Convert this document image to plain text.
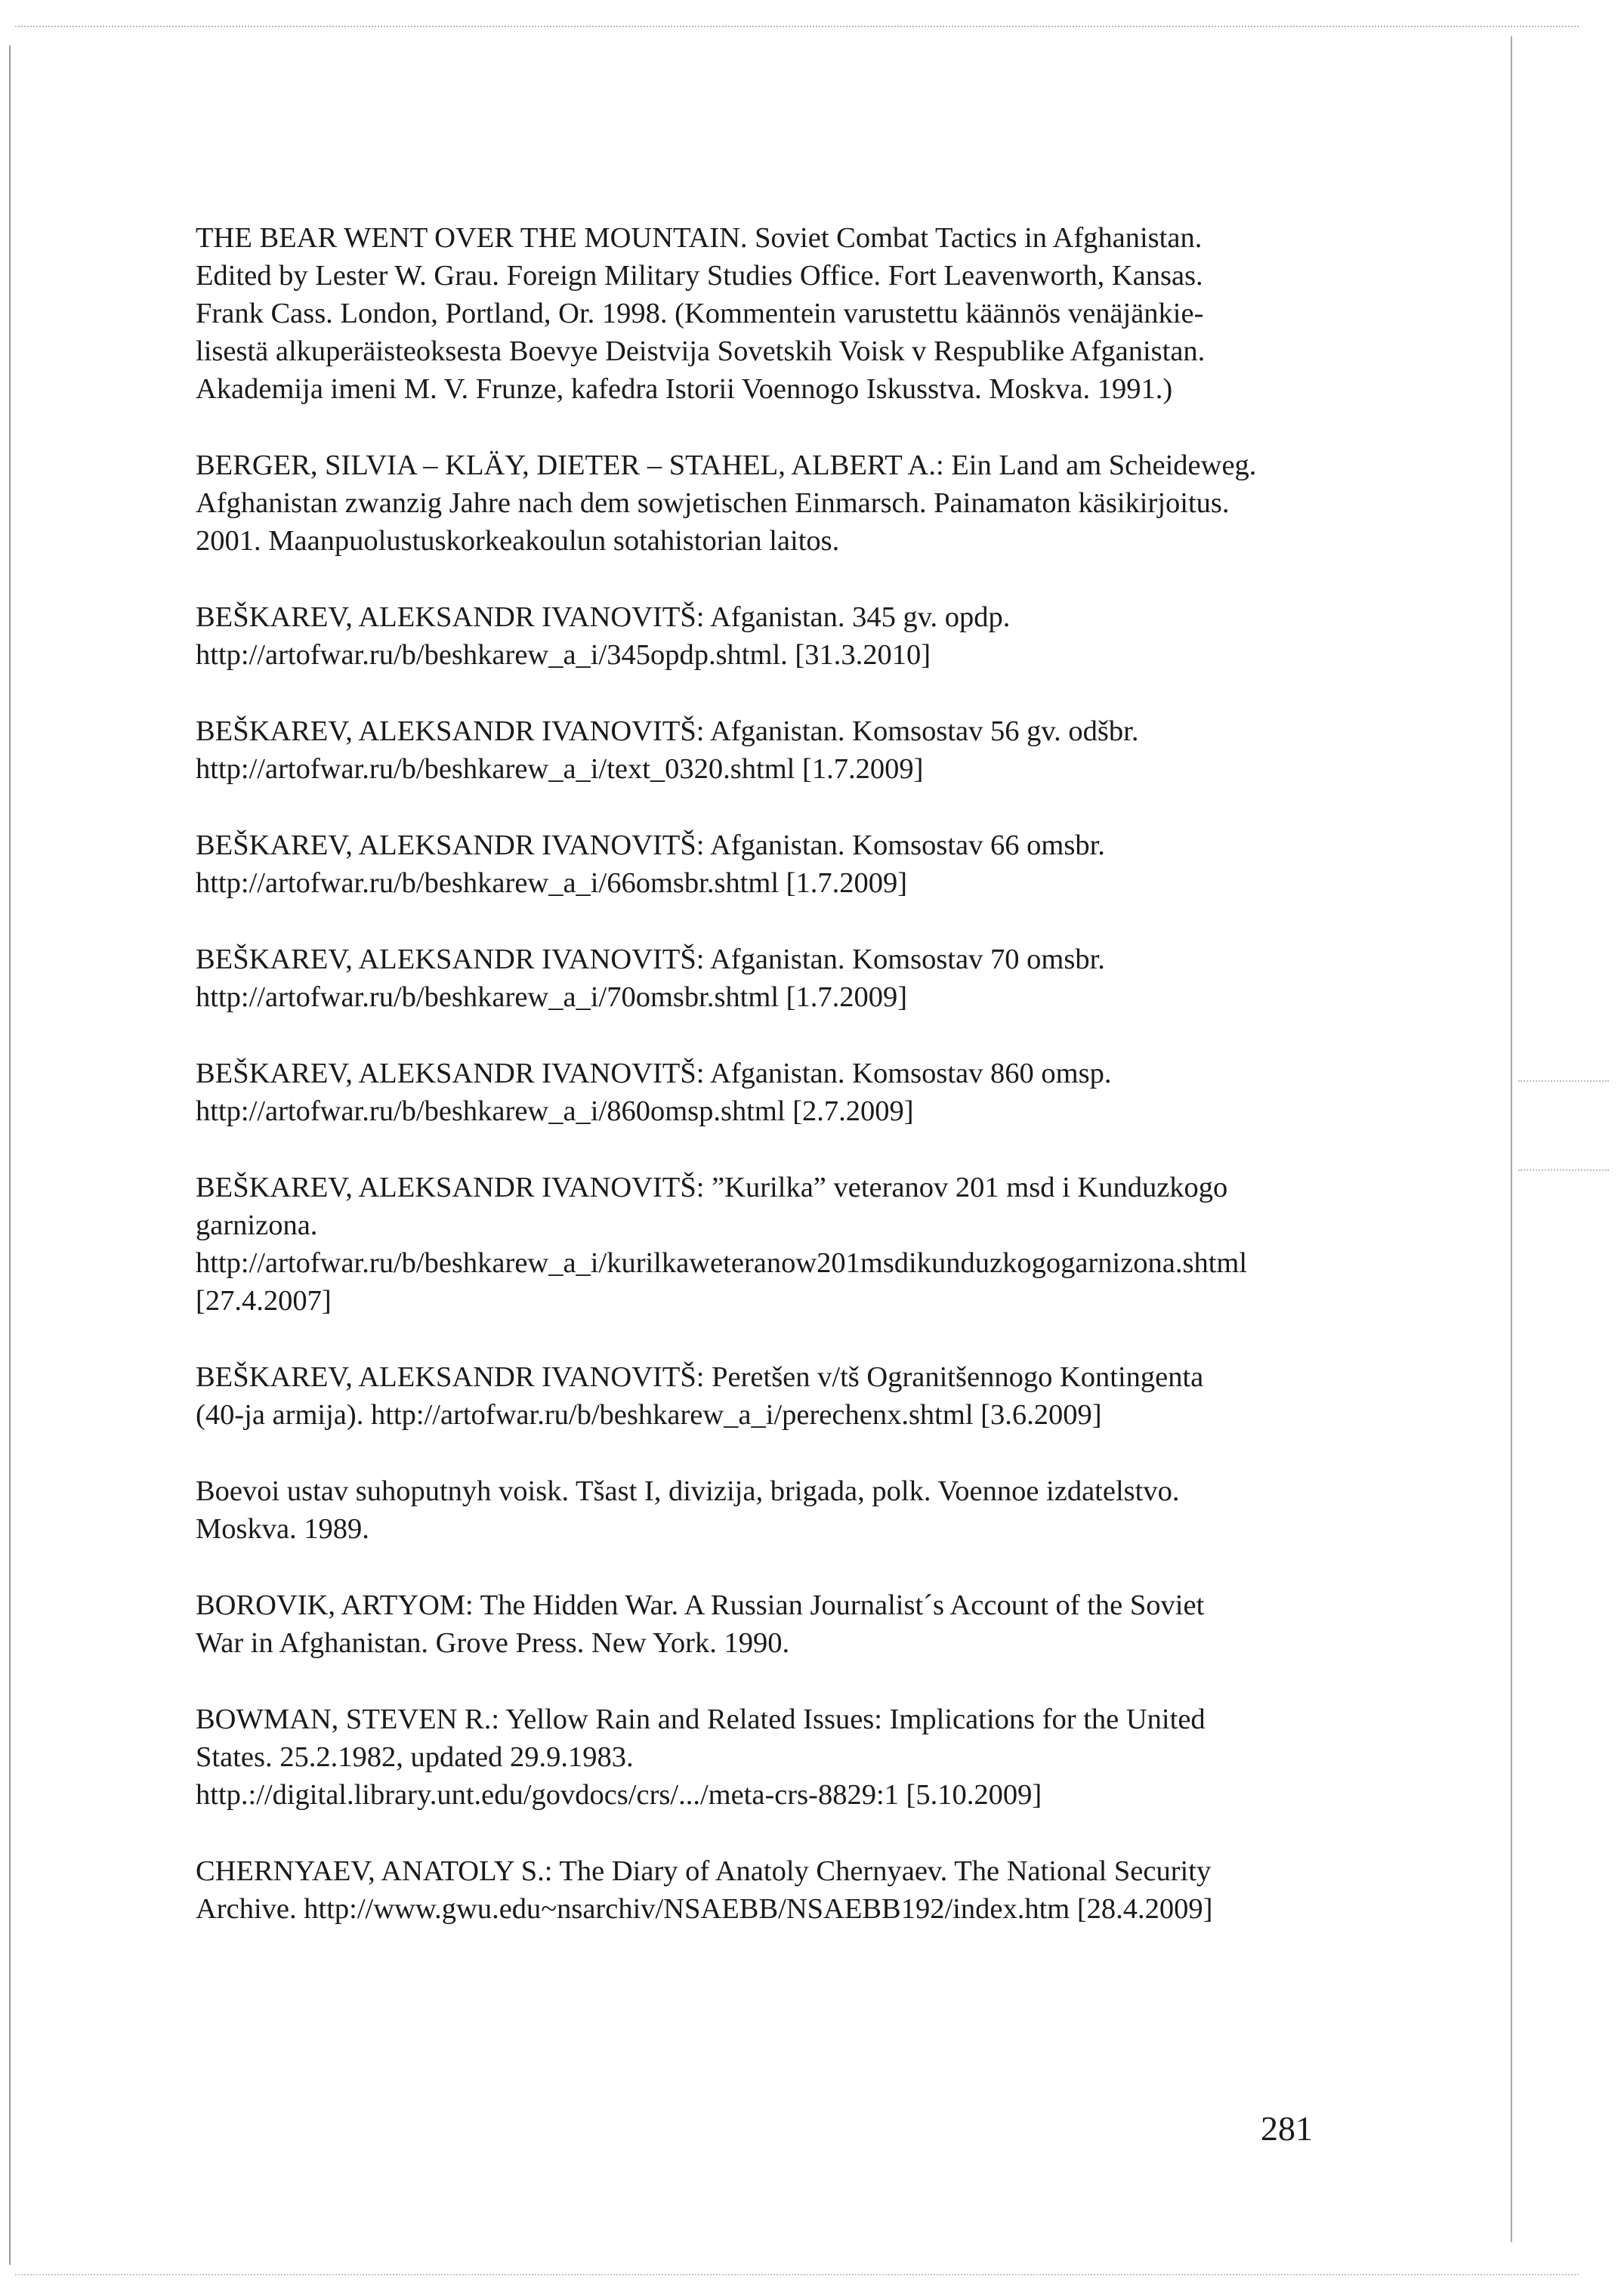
THE BEAR WENT OVER THE MOUNTAIN. Soviet Combat Tactics in Afghanistan.
Edited by Lester W. Grau. Foreign Military Studies Office. Fort Leavenworth, Kansas.
Frank Cass. London, Portland, Or. 1998. (Kommentein varustettu käännös venäjänkie-
lisestä alkuperäisteoksesta Boevye Deistvija Sovetskih Voisk v Respublike Afganistan.
Akademija imeni M. V. Frunze, kafedra Istorii Voennogo Iskusstva. Moskva. 1991.)
BERGER, SILVIA – KLÄY, DIETER – STAHEL, ALBERT A.: Ein Land am Scheideweg.
Afghanistan zwanzig Jahre nach dem sowjetischen Einmarsch. Painamaton käsikirjoitus.
2001. Maanpuolustuskorkeakoulun sotahistorian laitos.
BEŠKAREV, ALEKSANDR IVANOVITŠ: Afganistan. 345 gv. opdp.
http://artofwar.ru/b/beshkarew_a_i/345opdp.shtml. [31.3.2010]
BEŠKAREV, ALEKSANDR IVANOVITŠ: Afganistan. Komsostav 56 gv. odšbr.
http://artofwar.ru/b/beshkarew_a_i/text_0320.shtml [1.7.2009]
BEŠKAREV, ALEKSANDR IVANOVITŠ: Afganistan. Komsostav 66 omsbr.
http://artofwar.ru/b/beshkarew_a_i/66omsbr.shtml [1.7.2009]
BEŠKAREV, ALEKSANDR IVANOVITŠ: Afganistan. Komsostav 70 omsbr.
http://artofwar.ru/b/beshkarew_a_i/70omsbr.shtml [1.7.2009]
BEŠKAREV, ALEKSANDR IVANOVITŠ: Afganistan. Komsostav 860 omsp.
http://artofwar.ru/b/beshkarew_a_i/860omsp.shtml [2.7.2009]
BEŠKAREV, ALEKSANDR IVANOVITŠ: ”Kurilka” veteranov 201 msd i Kunduzkogo
garnizona.
http://artofwar.ru/b/beshkarew_a_i/kurilkaweteranow201msdikunduzkogogarnizona.shtml
[27.4.2007]
BEŠKAREV, ALEKSANDR IVANOVITŠ: Peretšen v/tš Ogranitšennogo Kontingenta
(40-ja armija). http://artofwar.ru/b/beshkarew_a_i/perechenx.shtml [3.6.2009]
Boevoi ustav suhoputnyh voisk. Tšast I, divizija, brigada, polk. Voennoe izdatelstvo.
Moskva. 1989.
BOROVIK, ARTYOM: The Hidden War. A Russian Journalist´s Account of the Soviet
War in Afghanistan. Grove Press. New York. 1990.
BOWMAN, STEVEN R.: Yellow Rain and Related Issues: Implications for the United
States. 25.2.1982, updated 29.9.1983.
http.://digital.library.unt.edu/govdocs/crs/.../meta-crs-8829:1 [5.10.2009]
CHERNYAEV, ANATOLY S.: The Diary of Anatoly Chernyaev. The National Security
Archive. http://www.gwu.edu~nsarchiv/NSAEBB/NSAEBB192/index.htm [28.4.2009]
281
